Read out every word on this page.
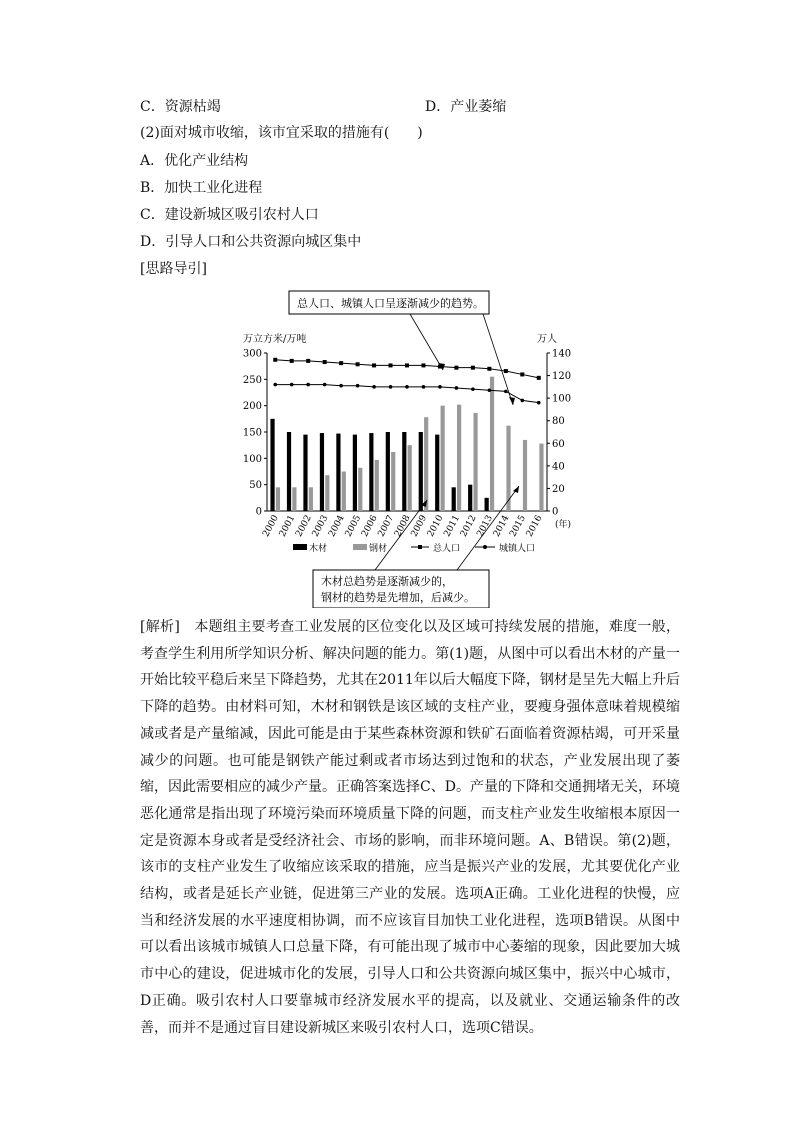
C．资源枯竭	D．产业萎缩
(2)面对城市收缩，该市宜采取的措施有(　　)
A．优化产业结构
B．加快工业化进程
C．建设新城区吸引农村人口
D．引导人口和公共资源向城区集中
[思路导引]
总人口、城镇人口呈逐渐减少的趋势。
万立方米/万吨	万人
0
50
100
150
200
250
300
0
20
40
60
80
100
120
140
2000
2001
2002
2003
2004
2005
2006
2007
2008
2009
2010
2011
2012
2013
2014
2015
2016 (年)
木材	钢材	总人口	城镇人口
木材总趋势是逐渐减少的，
钢材的趋势是先增加，后减少。
[解析]　本题组主要考查工业发展的区位变化以及区域可持续发展的措施，难度一般，考查学生利用所学知识分析、解决问题的能力。第(1)题，从图中可以看出木材的产量一开始比较平稳后来呈下降趋势，尤其在2011年以后大幅度下降，钢材是呈先大幅上升后下降的趋势。由材料可知，木材和钢铁是该区域的支柱产业，要瘦身强体意味着规模缩减或者是产量缩减，因此可能是由于某些森林资源和铁矿石面临着资源枯竭，可开采量减少的问题。也可能是钢铁产能过剩或者市场达到过饱和的状态，产业发展出现了萎缩，因此需要相应的减少产量。正确答案选择C、D。产量的下降和交通拥堵无关，环境恶化通常是指出现了环境污染而环境质量下降的问题，而支柱产业发生收缩根本原因一定是资源本身或者是受经济社会、市场的影响，而非环境问题。A、B错误。第(2)题，该市的支柱产业发生了收缩应该采取的措施，应当是振兴产业的发展，尤其要优化产业结构，或者是延长产业链，促进第三产业的发展。选项A正确。工业化进程的快慢，应当和经济发展的水平速度相协调，而不应该盲目加快工业化进程，选项B错误。从图中可以看出该城市城镇人口总量下降，有可能出现了城市中心萎缩的现象，因此要加大城市中心的建设，促进城市化的发展，引导人口和公共资源向城区集中，振兴中心城市，D正确。吸引农村人口要靠城市经济发展水平的提高，以及就业、交通运输条件的改善，而并不是通过盲目建设新城区来吸引农村人口，选项C错误。
